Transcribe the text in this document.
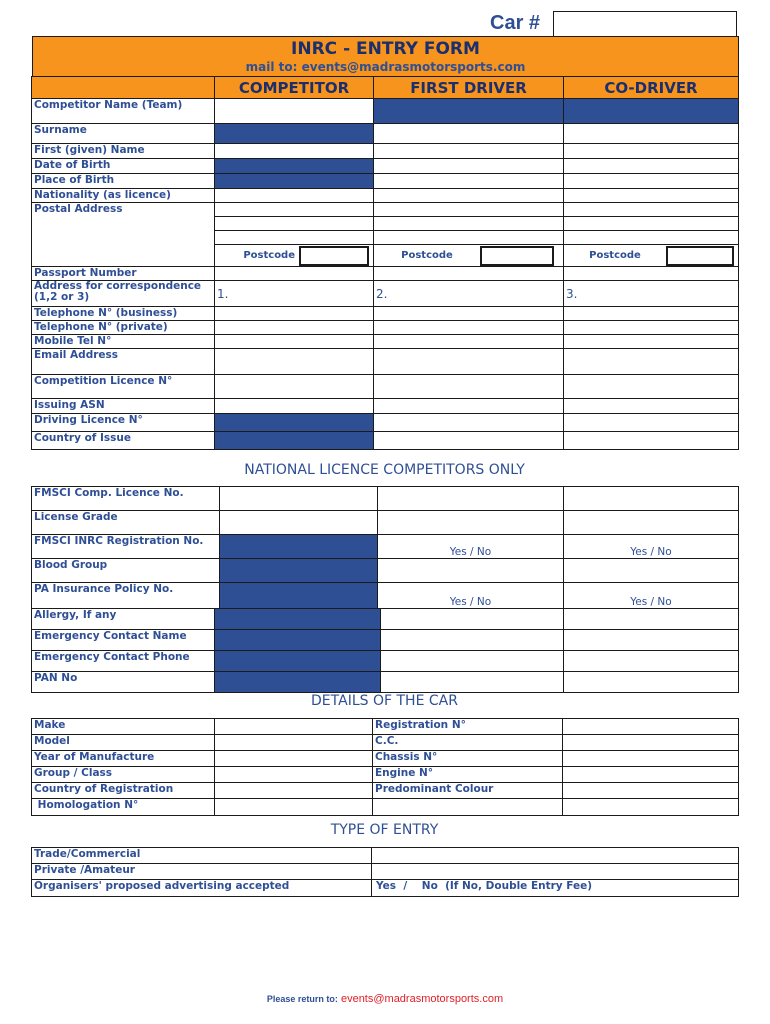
Car #
INRC - ENTRY FORM
mail to: events@madrasmotorsports.com
	COMPETITOR	FIRST DRIVER	CO-DRIVER
Competitor Name (Team)			
Surname			
First (given) Name			
Date of Birth			
Place of Birth			
Nationality (as licence)			
Postal Address			

	Postcode	Postcode	Postcode

Passport Number			
Address for correspondence (1,2 or 3)	1.	2.	3.
Telephone N° (business)			
Telephone N° (private)			
Mobile Tel N°			
Email Address			
Competition Licence N°			
Issuing ASN			
Driving Licence N°			
Country of Issue			
NATIONAL LICENCE COMPETITORS ONLY
FMSCI Comp. Licence No.			
License Grade			
FMSCI INRC Registration No.		Yes / No	Yes / No
Blood Group			
PA Insurance Policy No.		Yes / No	Yes / No
Allergy, If any			
Emergency Contact Name			
Emergency Contact Phone			
PAN No			
DETAILS OF THE CAR
Make		Registration N°	
Model		C.C.	
Year of Manufacture		Chassis N°	
Group / Class		Engine N°	
Country of Registration		Predominant Colour	
Homologation N°			
TYPE OF ENTRY
Trade/Commercial	
Private /Amateur	
Organisers' proposed advertising accepted	Yes  /    No  (If No, Double Entry Fee)
Please return to: events@madrasmotorsports.com
